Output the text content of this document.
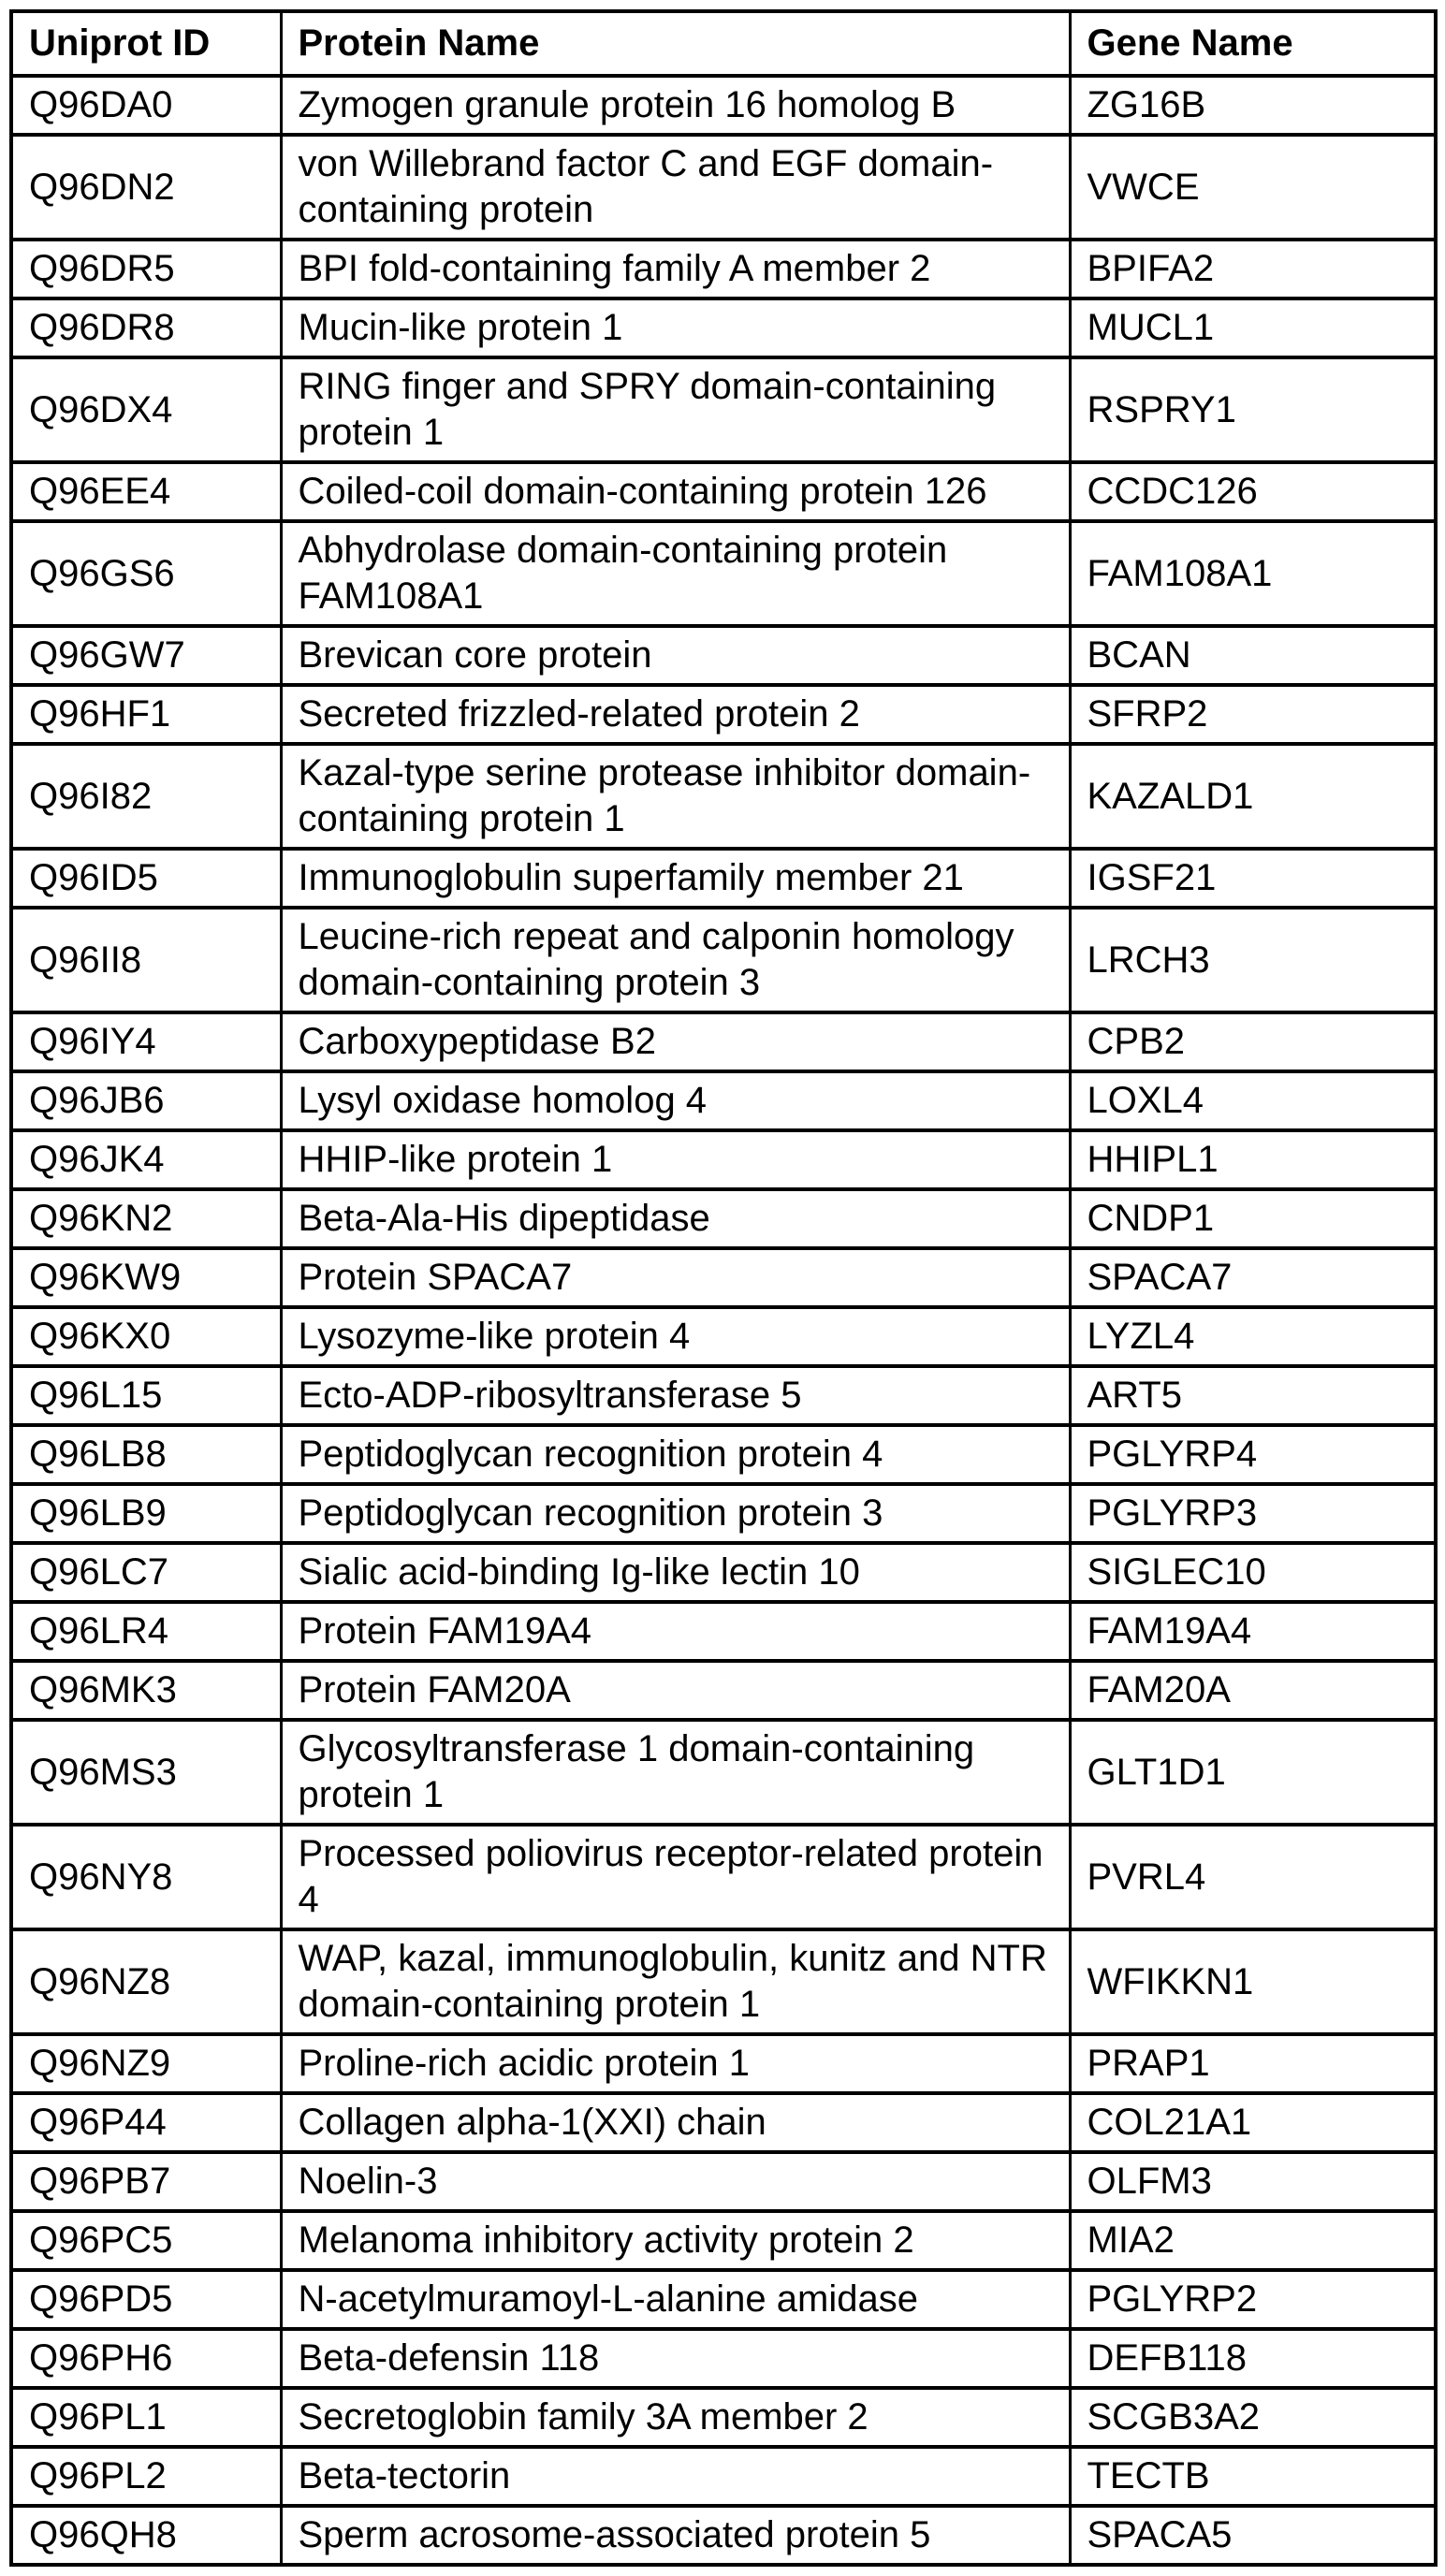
Uniprot ID	Protein Name	Gene Name
Q96DA0	Zymogen granule protein 16 homolog B	ZG16B
Q96DN2	von Willebrand factor C and EGF domain-containing protein	VWCE
Q96DR5	BPI fold-containing family A member 2	BPIFA2
Q96DR8	Mucin-like protein 1	MUCL1
Q96DX4	RING finger and SPRY domain-containing protein 1	RSPRY1
Q96EE4	Coiled-coil domain-containing protein 126	CCDC126
Q96GS6	Abhydrolase domain-containing protein FAM108A1	FAM108A1
Q96GW7	Brevican core protein	BCAN
Q96HF1	Secreted frizzled-related protein 2	SFRP2
Q96I82	Kazal-type serine protease inhibitor domain-containing protein 1	KAZALD1
Q96ID5	Immunoglobulin superfamily member 21	IGSF21
Q96II8	Leucine-rich repeat and calponin homology domain-containing protein 3	LRCH3
Q96IY4	Carboxypeptidase B2	CPB2
Q96JB6	Lysyl oxidase homolog 4	LOXL4
Q96JK4	HHIP-like protein 1	HHIPL1
Q96KN2	Beta-Ala-His dipeptidase	CNDP1
Q96KW9	Protein SPACA7	SPACA7
Q96KX0	Lysozyme-like protein 4	LYZL4
Q96L15	Ecto-ADP-ribosyltransferase 5	ART5
Q96LB8	Peptidoglycan recognition protein 4	PGLYRP4
Q96LB9	Peptidoglycan recognition protein 3	PGLYRP3
Q96LC7	Sialic acid-binding Ig-like lectin 10	SIGLEC10
Q96LR4	Protein FAM19A4	FAM19A4
Q96MK3	Protein FAM20A	FAM20A
Q96MS3	Glycosyltransferase 1 domain-containing protein 1	GLT1D1
Q96NY8	Processed poliovirus receptor-related protein 4	PVRL4
Q96NZ8	WAP, kazal, immunoglobulin, kunitz and NTR domain-containing protein 1	WFIKKN1
Q96NZ9	Proline-rich acidic protein 1	PRAP1
Q96P44	Collagen alpha-1(XXI) chain	COL21A1
Q96PB7	Noelin-3	OLFM3
Q96PC5	Melanoma inhibitory activity protein 2	MIA2
Q96PD5	N-acetylmuramoyl-L-alanine amidase	PGLYRP2
Q96PH6	Beta-defensin 118	DEFB118
Q96PL1	Secretoglobin family 3A member 2	SCGB3A2
Q96PL2	Beta-tectorin	TECTB
Q96QH8	Sperm acrosome-associated protein 5	SPACA5
